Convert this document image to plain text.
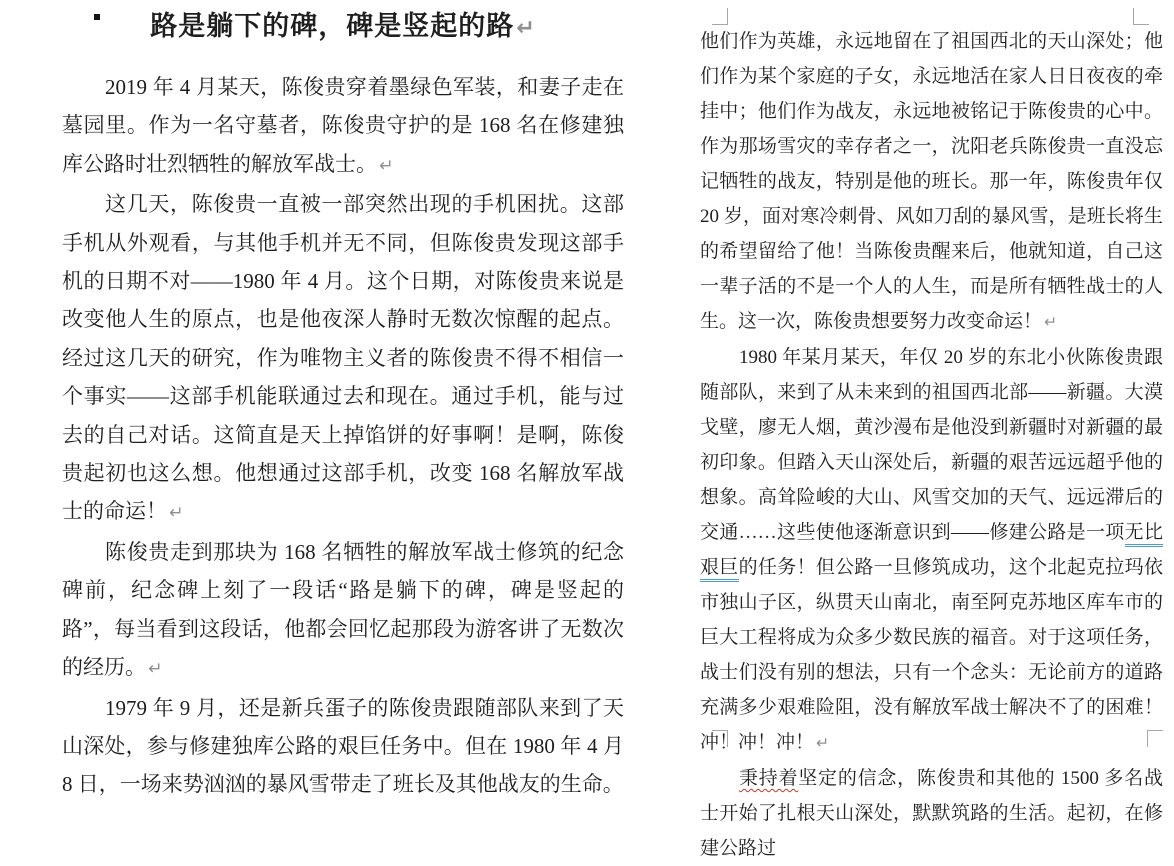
路是躺下的碑，碑是竖起的路↵

2019 年 4 月某天，陈俊贵穿着墨绿色军装，和妻子走在墓园里。作为一名守墓者，陈俊贵守护的是 168 名在修建独库公路时壮烈牺牲的解放军战士。 ↵

这几天，陈俊贵一直被一部突然出现的手机困扰。这部手机从外观看，与其他手机并无不同，但陈俊贵发现这部手机的日期不对——1980 年 4 月。这个日期，对陈俊贵来说是改变他人生的原点，也是他夜深人静时无数次惊醒的起点。经过这几天的研究，作为唯物主义者的陈俊贵不得不相信一个事实——这部手机能联通过去和现在。通过手机，能与过去的自己对话。这简直是天上掉馅饼的好事啊！是啊，陈俊贵起初也这么想。他想通过这部手机，改变 168 名解放军战士的命运！ ↵

陈俊贵走到那块为 168 名牺牲的解放军战士修筑的纪念碑前，纪念碑上刻了一段话“路是躺下的碑，碑是竖起的路”，每当看到这段话，他都会回忆起那段为游客讲了无数次的经历。 ↵

1979 年 9 月，还是新兵蛋子的陈俊贵跟随部队来到了天山深处，参与修建独库公路的艰巨任务中。但在 1980 年 4 月 8 日，一场来势汹汹的暴风雪带走了班长及其他战友的生命。

他们作为英雄，永远地留在了祖国西北的天山深处；他们作为某个家庭的子女，永远地活在家人日日夜夜的牵挂中；他们作为战友，永远地被铭记于陈俊贵的心中。作为那场雪灾的幸存者之一，沈阳老兵陈俊贵一直没忘记牺牲的战友，特别是他的班长。那一年，陈俊贵年仅 20 岁，面对寒冷刺骨、风如刀刮的暴风雪，是班长将生的希望留给了他！当陈俊贵醒来后，他就知道，自己这一辈子活的不是一个人的人生，而是所有牺牲战士的人生。这一次，陈俊贵想要努力改变命运！ ↵

1980 年某月某天，年仅 20 岁的东北小伙陈俊贵跟随部队，来到了从未来到的祖国西北部——新疆。大漠戈壁，廖无人烟，黄沙漫布是他没到新疆时对新疆的最初印象。但踏入天山深处后，新疆的艰苦远远超乎他的想象。高耸险峻的大山、风雪交加的天气、远远滞后的交通……这些使他逐渐意识到——修建公路是一项无比艰巨的任务！但公路一旦修筑成功，这个北起克拉玛依市独山子区，纵贯天山南北，南至阿克苏地区库车市的巨大工程将成为众多少数民族的福音。对于这项任务，战士们没有别的想法，只有一个念头：无论前方的道路充满多少艰难险阻，没有解放军战士解决不了的困难！冲！冲！冲！ ↵

秉持着坚定的信念，陈俊贵和其他的 1500 多名战士开始了扎根天山深处，默默筑路的生活。起初，在修建公路过
